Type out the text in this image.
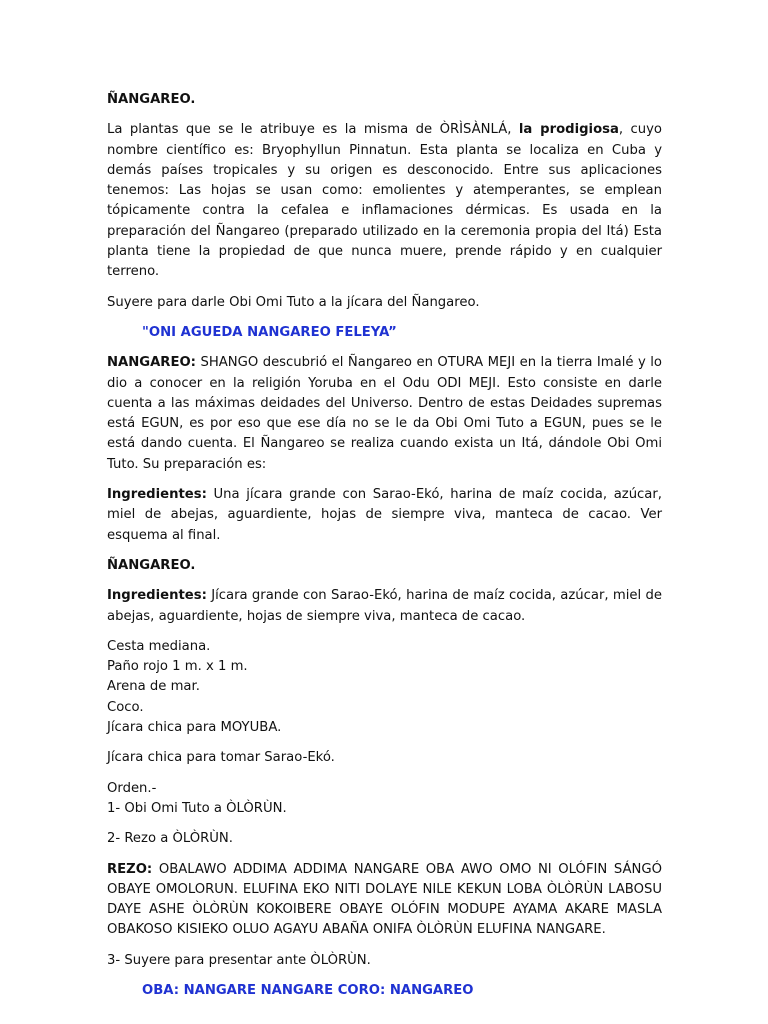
ÑANGAREO.

La plantas que se le atribuye es la misma de ÒRÌSÀNLÁ, la prodigiosa, cuyo nombre científico es: Bryophyllun Pinnatun. Esta planta se localiza en Cuba y demás países tropicales y su origen es desconocido. Entre sus aplicaciones tenemos: Las hojas se usan como: emolientes y atemperantes, se emplean tópicamente contra la cefalea e inflamaciones dérmicas. Es usada en la preparación del Ñangareo (preparado utilizado en la ceremonia propia del Itá) Esta planta tiene la propiedad de que nunca muere, prende rápido y en cualquier terreno.

Suyere para darle Obi Omi Tuto a la jícara del Ñangareo.

"ONI AGUEDA NANGAREO FELEYA”

NANGAREO: SHANGO descubrió el Ñangareo en OTURA MEJI en la tierra Imalé y lo dio a conocer en la religión Yoruba en el Odu ODI MEJI. Esto consiste en darle cuenta a las máximas deidades del Universo. Dentro de estas Deidades supremas está EGUN, es por eso que ese día no se le da Obi Omi Tuto a EGUN, pues se le está dando cuenta. El Ñangareo se realiza cuando exista un Itá, dándole Obi Omi Tuto. Su preparación es:

Ingredientes: Una jícara grande con Sarao-Ekó, harina de maíz cocida, azúcar, miel de abejas, aguardiente, hojas de siempre viva, manteca de cacao. Ver esquema al final.

ÑANGAREO.

Ingredientes: Jícara grande con Sarao-Ekó, harina de maíz cocida, azúcar, miel de abejas, aguardiente, hojas de siempre viva, manteca de cacao.

Cesta mediana.

Paño rojo 1 m. x 1 m.

Arena de mar.

Coco.

Jícara chica para MOYUBA.

Jícara chica para tomar Sarao-Ekó.

Orden.-

1- Obi Omi Tuto a ÒLÒRÙN.

2- Rezo a ÒLÒRÙN.

REZO: OBALAWO ADDIMA ADDIMA NANGARE OBA AWO OMO NI OLÓFIN SÁNGÓ OBAYE OMOLORUN. ELUFINA EKO NITI DOLAYE NILE KEKUN LOBA ÒLÒRÙN LABOSU DAYE ASHE ÒLÒRÙN KOKOIBERE OBAYE OLÓFIN MODUPE AYAMA AKARE MASLA OBAKOSO KISIEKO OLUO AGAYU ABAÑA ONIFA ÒLÒRÙN ELUFINA NANGARE.

3- Suyere para presentar ante ÒLÒRÙN.

OBA: NANGARE NANGARE CORO: NANGAREO
